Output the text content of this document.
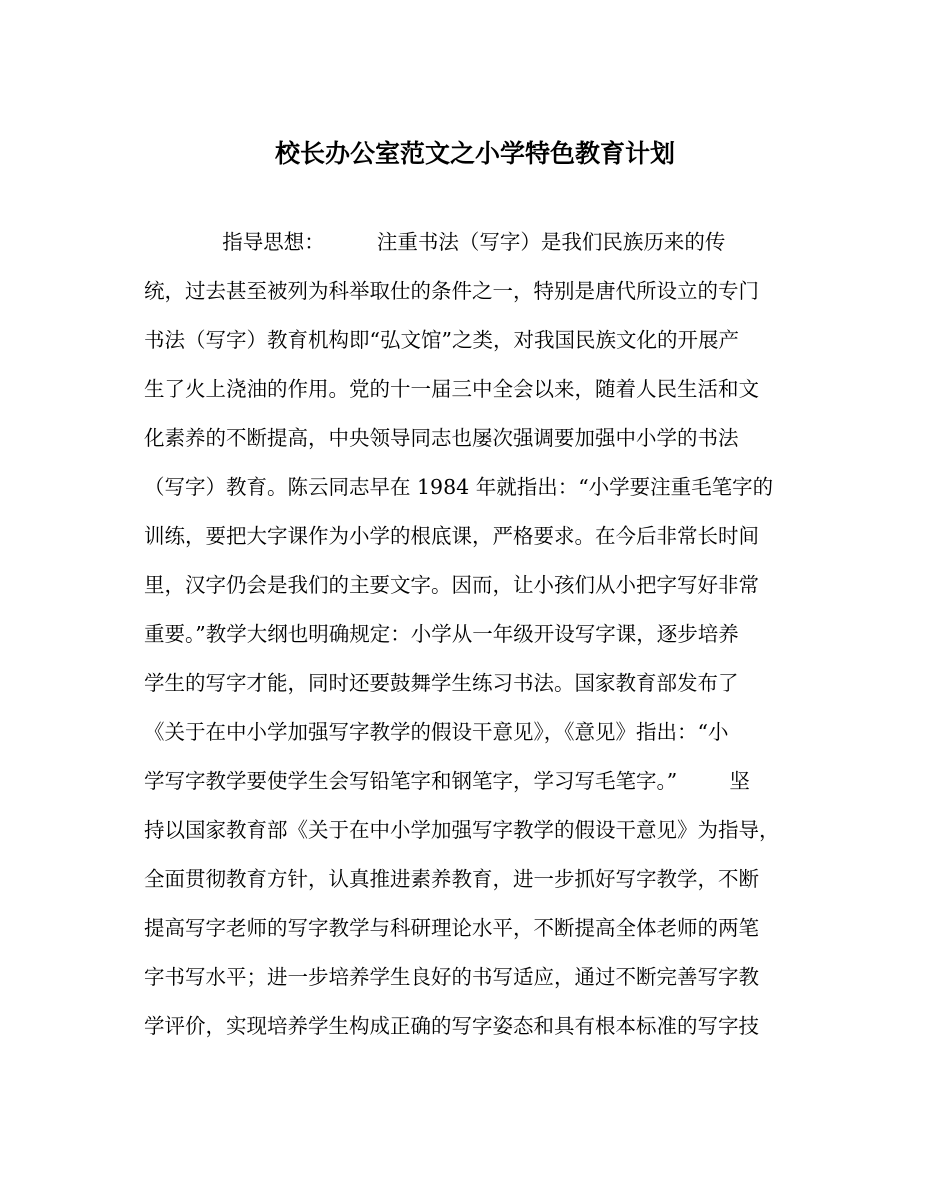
校长办公室范文之小学特色教育计划
指导思想：        注重书法（写字）是我们民族历来的传
统，过去甚至被列为科举取仕的条件之一，特别是唐代所设立的专门
书法（写字）教育机构即“弘文馆”之类，对我国民族文化的开展产
生了火上浇油的作用。党的十一届三中全会以来，随着人民生活和文
化素养的不断提高，中央领导同志也屡次强调要加强中小学的书法
（写字）教育。陈云同志早在 1984 年就指出：“小学要注重毛笔字的
训练，要把大字课作为小学的根底课，严格要求。在今后非常长时间
里，汉字仍会是我们的主要文字。因而，让小孩们从小把字写好非常
重要。”教学大纲也明确规定：小学从一年级开设写字课，逐步培养
学生的写字才能，同时还要鼓舞学生练习书法。国家教育部发布了
《关于在中小学加强写字教学的假设干意见》，《意见》指出：“小
学写字教学要使学生会写铅笔字和钢笔字，学习写毛笔字。”        坚
持以国家教育部《关于在中小学加强写字教学的假设干意见》为指导，
全面贯彻教育方针，认真推进素养教育，进一步抓好写字教学，不断
提高写字老师的写字教学与科研理论水平，不断提高全体老师的两笔
字书写水平；进一步培养学生良好的书写适应，通过不断完善写字教
学评价，实现培养学生构成正确的写字姿态和具有根本标准的写字技
